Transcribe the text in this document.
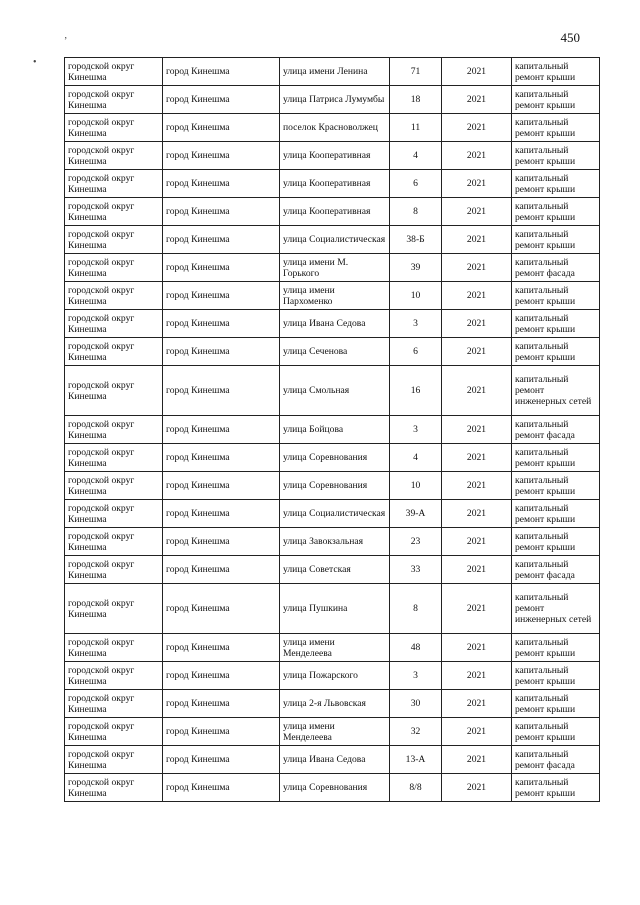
450
•
‚
городской округ Кинешма	город Кинешма	улица имени Ленина	71	2021	капитальный ремонт крыши
городской округ Кинешма	город Кинешма	улица Патриса Лумумбы	18	2021	капитальный ремонт крыши
городской округ Кинешма	город Кинешма	поселок Красноволжец	11	2021	капитальный ремонт крыши
городской округ Кинешма	город Кинешма	улица Кооперативная	4	2021	капитальный ремонт крыши
городской округ Кинешма	город Кинешма	улица Кооперативная	6	2021	капитальный ремонт крыши
городской округ Кинешма	город Кинешма	улица Кооперативная	8	2021	капитальный ремонт крыши
городской округ Кинешма	город Кинешма	улица Социалистическая	38-Б	2021	капитальный ремонт крыши
городской округ Кинешма	город Кинешма	улица имени М. Горького	39	2021	капитальный ремонт фасада
городской округ Кинешма	город Кинешма	улица имени Пархоменко	10	2021	капитальный ремонт крыши
городской округ Кинешма	город Кинешма	улица Ивана Седова	3	2021	капитальный ремонт крыши
городской округ Кинешма	город Кинешма	улица Сеченова	6	2021	капитальный ремонт крыши
городской округ Кинешма	город Кинешма	улица Смольная	16	2021	капитальный ремонт инженерных сетей
городской округ Кинешма	город Кинешма	улица Бойцова	3	2021	капитальный ремонт фасада
городской округ Кинешма	город Кинешма	улица Соревнования	4	2021	капитальный ремонт крыши
городской округ Кинешма	город Кинешма	улица Соревнования	10	2021	капитальный ремонт крыши
городской округ Кинешма	город Кинешма	улица Социалистическая	39-А	2021	капитальный ремонт крыши
городской округ Кинешма	город Кинешма	улица Завокзальная	23	2021	капитальный ремонт крыши
городской округ Кинешма	город Кинешма	улица Советская	33	2021	капитальный ремонт фасада
городской округ Кинешма	город Кинешма	улица Пушкина	8	2021	капитальный ремонт инженерных сетей
городской округ Кинешма	город Кинешма	улица имени Менделеева	48	2021	капитальный ремонт крыши
городской округ Кинешма	город Кинешма	улица Пожарского	3	2021	капитальный ремонт крыши
городской округ Кинешма	город Кинешма	улица 2-я Львовская	30	2021	капитальный ремонт крыши
городской округ Кинешма	город Кинешма	улица имени Менделеева	32	2021	капитальный ремонт крыши
городской округ Кинешма	город Кинешма	улица Ивана Седова	13-А	2021	капитальный ремонт фасада
городской округ Кинешма	город Кинешма	улица Соревнования	8/8	2021	капитальный ремонт крыши
